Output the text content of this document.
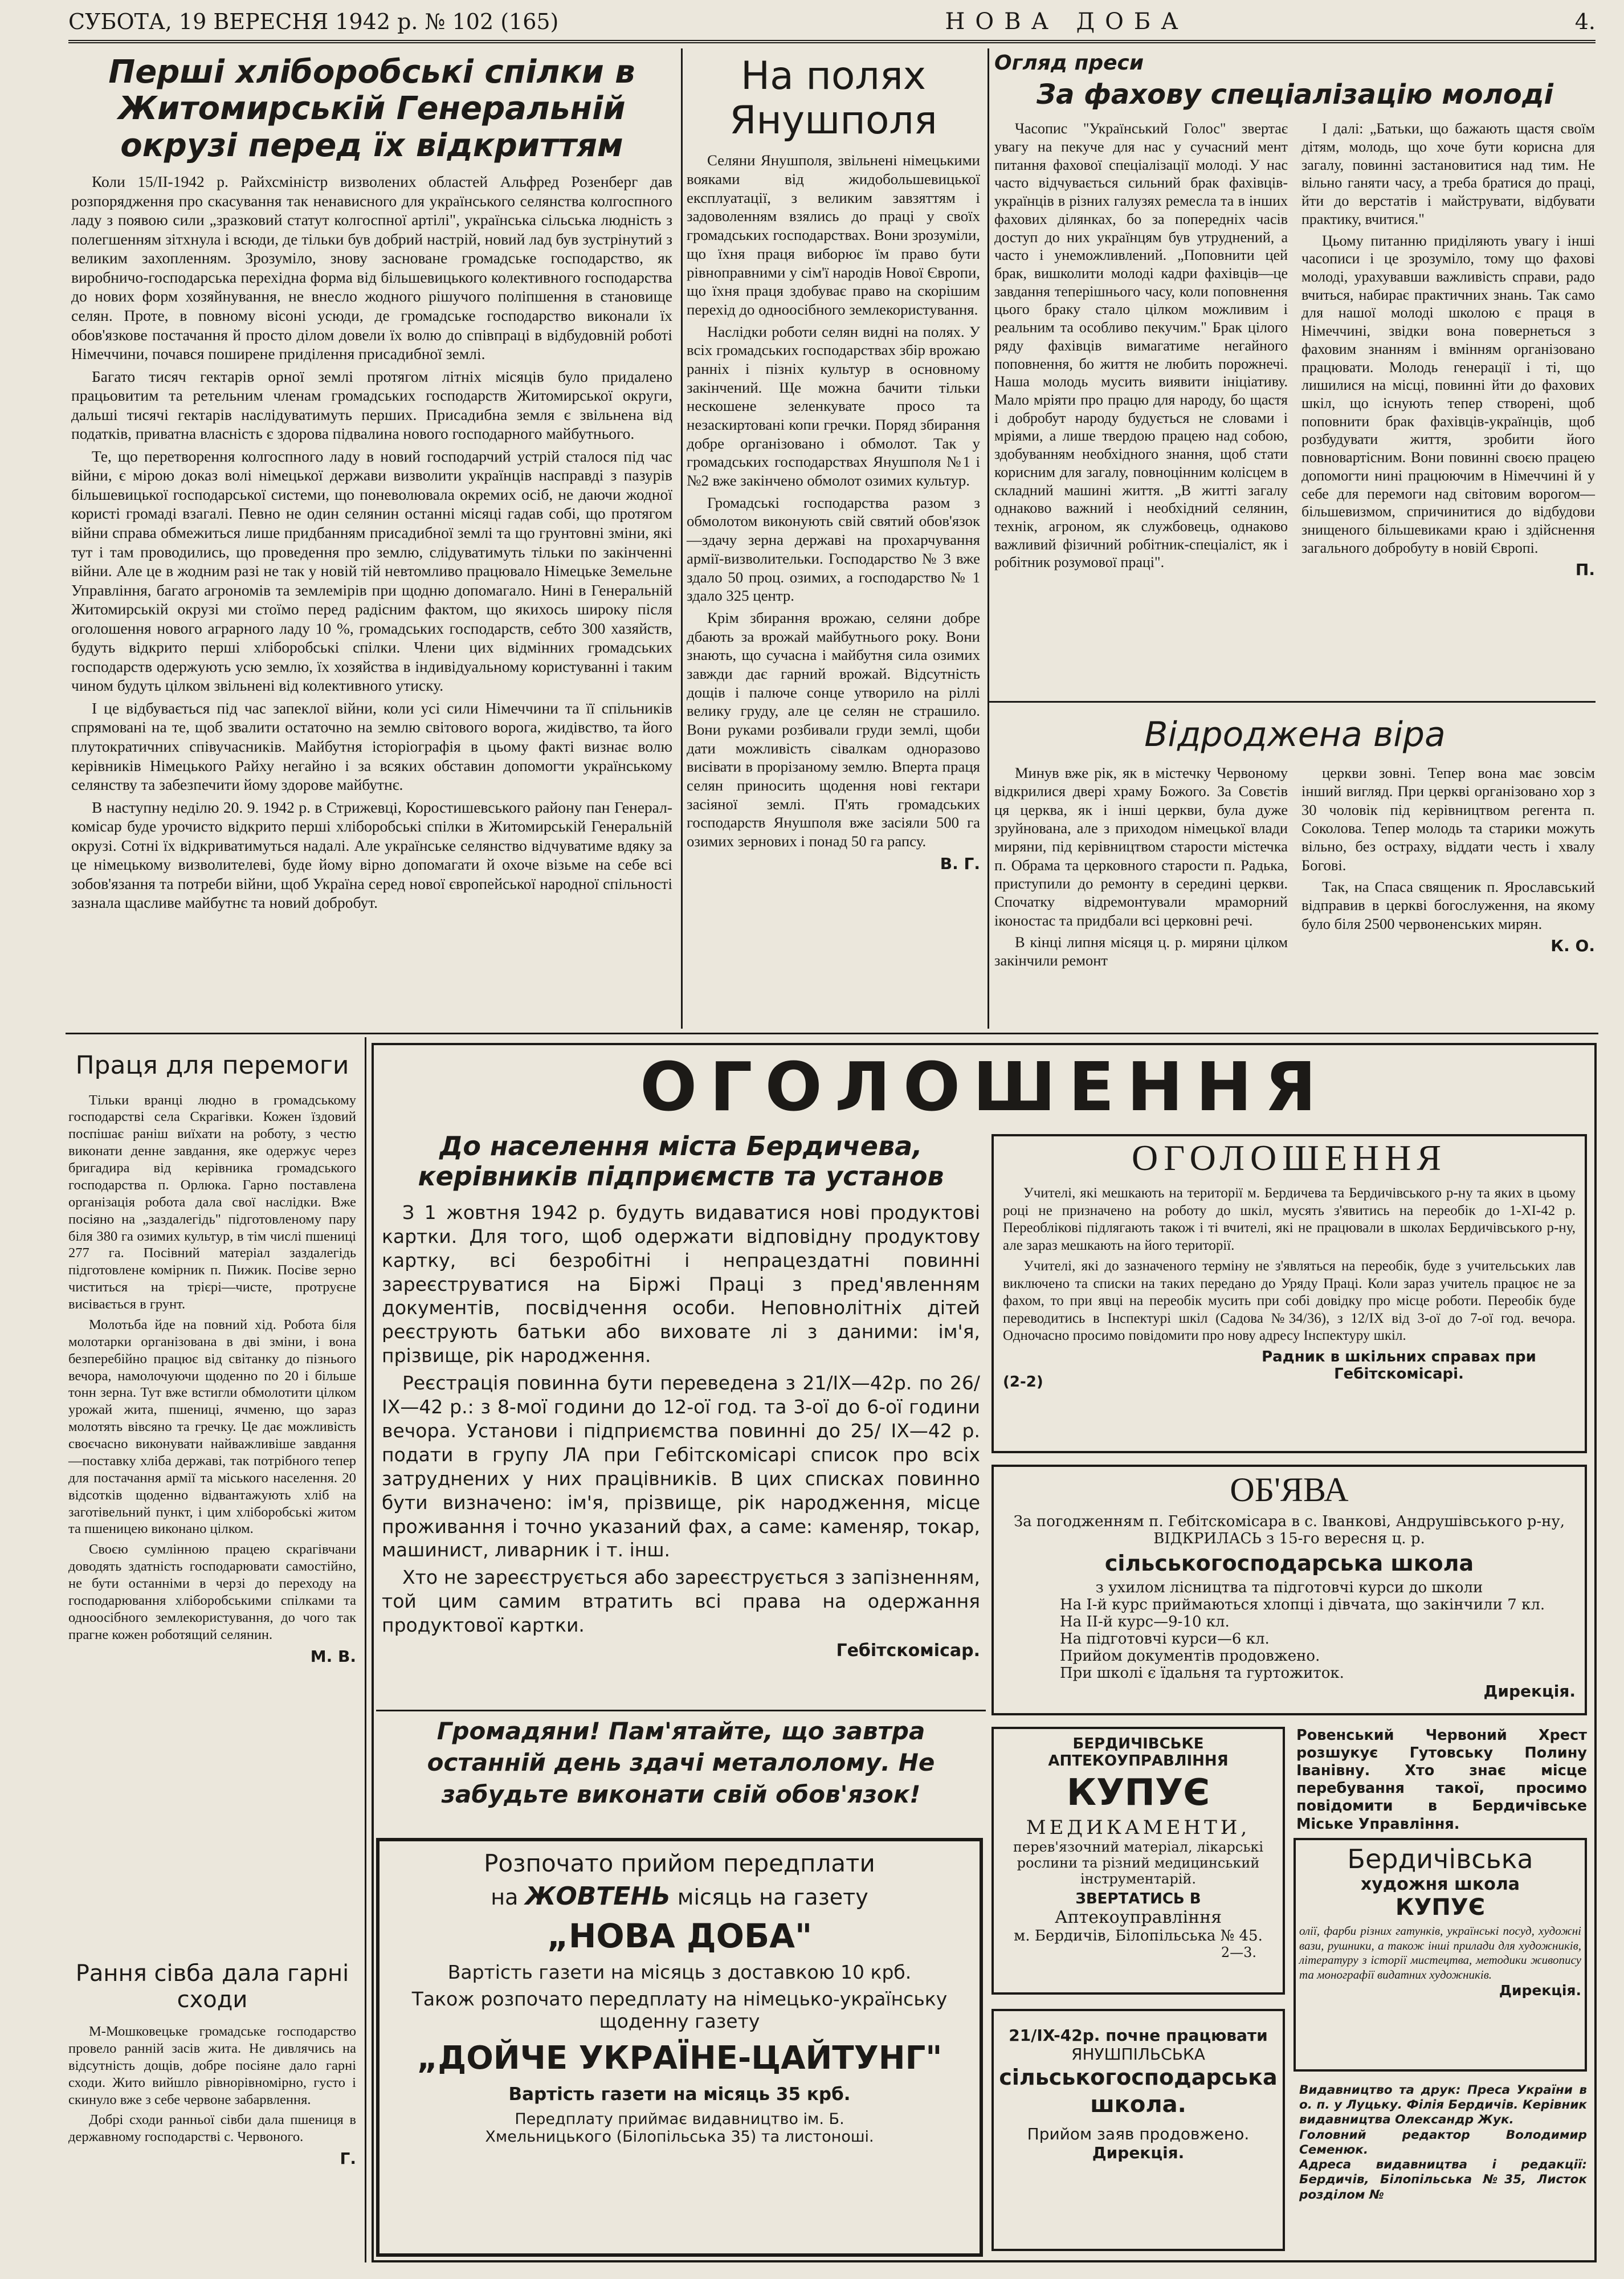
СУБОТА, 19 ВЕРЕСНЯ 1942 р. № 102 (165)	НОВА ДОБА	4.
Перші хліборобські спілки в Житомирській Генеральній окрузі перед їх відкриттям

Коли 15/II-1942 р. Райхсміністр визволених областей Альфред Розенберг дав розпорядження про скасування так ненависного для українського селянства колгоспного ладу з появою сили „зразковий статут колгоспної артілі", українська сільська людність з полегшенням зітхнула і всюди, де тільки був добрий настрій, новий лад був зустрінутий з великим захопленням. Зрозуміло, знову засноване громадське господарство, як виробничо-господарська перехідна форма від більшевицького колективного господарства до нових форм хозяйнування, не внесло жодного рішучого поліпшення в становище селян. Проте, в повному вісоні усюди, де громадське господарство виконали їх обов'язкове постачання й просто ділом довели їх волю до співпраці в відбудовній роботі Німеччини, почався поширене приділення присадибної землі.

Багато тисяч гектарів орної землі протягом літніх місяців було придалено працьовитим та ретельним членам громадських господарств Житомирської округи, дальші тисячі гектарів наслідуватимуть перших. Присадибна земля є звільнена від податків, приватна власність є здорова підвалина нового господарного майбутнього.

Те, що перетворення колгоспного ладу в новий господарчий устрій сталося під час війни, є мірою доказ волі німецької держави визволити українців насправді з пазурів більшевицької господарської системи, що поневолювала окремих осіб, не даючи жодної користі громаді взагалі. Певно не один селянин останні місяці гадав собі, що протягом війни справа обмежиться лише придбанням присадибної землі та що грунтовні зміни, які тут і там проводились, що проведення про землю, слідуватимуть тільки по закінченні війни. Але це в жодним разі не так у новій тій невтомливо працювало Німецьке Земельне Управління, багато агрономів та землемірів при щодню допомагало. Нині в Генеральній Житомирській окрузі ми стоїмо перед радісним фактом, що якихось широку після оголошення нового аграрного ладу 10 %, громадських господарств, себто 300 хазяйств, будуть відкрито перші хліборобські спілки. Члени цих відмінних громадських господарств одержують усю землю, їх хозяйства в індивідуальному користуванні і таким чином будуть цілком звільнені від колективного утиску.

І це відбувається під час запеклої війни, коли усі сили Німеччини та її спільників спрямовані на те, щоб звалити остаточно на землю світового ворога, жидівство, та його плутократичних співучасників. Майбутня історіографія в цьому факті визнає волю керівників Німецького Райху негайно і за всяких обставин допомогти українському селянству та забезпечити йому здорове майбутнє.

В наступну неділю 20. 9. 1942 р. в Стрижевці, Коростишевського району пан Генерал-комісар буде урочисто відкрито перші хліборобські спілки в Житомирській Генеральній окрузі. Сотні їх відкриватимуться надалі. Але українське селянство відчуватиме вдяку за це німецькому визволителеві, буде йому вірно допомагати й охоче візьме на себе всі зобов'язання та потреби війни, щоб Україна серед нової європейської народної спільності зазнала щасливе майбутнє та новий добробут.

На полях Янушполя

Селяни Янушполя, звільнені німецькими вояками від жидобольшевицької експлуатації, з великим завзяттям і задоволенням взялись до праці у своїх громадських господарствах. Вони зрозуміли, що їхня праця виборює їм право бути рівноправними у сім'ї народів Нової Європи, що їхня праця здобуває право на скорішим перехід до одноосібного землекористування.

Наслідки роботи селян видні на полях. У всіх громадських господарствах збір врожаю ранніх і пізніх культур в основному закінчений. Ще можна бачити тільки нескошене зеленкувате просо та незаскиртовані копи гречки. Поряд збирання добре організовано і обмолот. Так у громадських господарствах Янушполя №1 і №2 вже закінчено обмолот озимих культур.

Громадські господарства разом з обмолотом виконують свій святий обов'язок—здачу зерна державі на прохарчування армії-визволительки. Господарство № 3 вже здало 50 проц. озимих, а господарство № 1 здало 325 центр.

Крім збирання врожаю, селяни добре дбають за врожай майбутнього року. Вони знають, що сучасна і майбутня сила озимих завжди дає гарний врожай. Відсутність дощів і палюче сонце утворило на ріллі велику груду, але це селян не страшило. Вони руками розбивали груди землі, щоби дати можливість сівалкам одноразово висівати в прорізаному землю. Вперта праця селян приносить щодення нові гектари засіяної землі. П'ять громадських господарств Янушполя вже засіяли 500 га озимих зернових і понад 50 га рапсу.

В. Г.
Огляд преси
За фахову спеціалізацію молоді

Часопис "Український Голос" звертає увагу на пекуче для нас у сучасний мент питання фахової спеціалізації молоді. У нас часто відчувається сильний брак фахівців-українців в різних галузях ремесла та в інших фахових ділянках, бо за попередніх часів доступ до них українцям був утруднений, а часто і унеможливлений. „Поповнити цей брак, вишколити молоді кадри фахівців—це завдання теперішнього часу, коли поповнення цього браку стало цілком можливим і реальним та особливо пекучим." Брак цілого ряду фахівців вимагатиме негайного поповнення, бо життя не любить порожнечі. Наша молодь мусить виявити ініціативу. Мало мріяти про працю для народу, бо щастя і добробут народу будується не словами і мріями, а лише твердою працею над собою, здобуванням необхідного знання, щоб стати корисним для загалу, повноцінним колісцем в складний машині життя. „В житті загалу однаково важний і необхідний селянин, технік, агроном, як службовець, однаково важливий фізичний робітник-спеціаліст, як і робітник розумової праці".

І далі: „Батьки, що бажають щастя своїм дітям, молодь, що хоче бути корисна для загалу, повинні застановитися над тим. Не вільно ганяти часу, а треба братися до праці, йти до верстатів і майструвати, відбувати практику, вчитися."

Цьому питанню приділяють увагу і інші часописи і це зрозуміло, тому що фахові молоді, урахувавши важливість справи, радо вчиться, набирає практичних знань. Так само для нашої молоді школою є праця в Німеччині, звідки вона повернеться з фаховим знанням і вмінням організовано працювати. Молодь генерації і ті, що лишилися на місці, повинні йти до фахових шкіл, що існують тепер створені, щоб поповнити брак фахівців-українців, щоб розбудувати життя, зробити його повновартісним. Вони повинні своєю працею допомогти нині працюючим в Німеччині й у себе для перемоги над світовим ворогом—більшевизмом, спричинитися до відбудови знищеного більшевиками краю і здійснення загального добробуту в новій Європі.

П.
Відроджена віра

Минув вже рік, як в містечку Червоному відкрилися двері храму Божого. За Совєтів ця церква, як і інші церкви, була дуже зруйнована, але з приходом німецької влади миряни, під керівництвом старости містечка п. Обрама та церковного старости п. Радька, приступили до ремонту в середині церкви. Спочатку відремонтували мраморний іконостас та придбали всі церковні речі.

В кінці липня місяця ц. р. миряни цілком закінчили ремонт

церкви зовні. Тепер вона має зовсім інший вигляд. При церкві організовано хор з 30 чоловік під керівництвом регента п. Соколова. Тепер молодь та старики можуть вільно, без остраху, віддати честь і хвалу Богові.

Так, на Спаса священик п. Ярославський відправив в церкві богослуження, на якому було біля 2500 червоненських мирян.

К. О.
Праця для перемоги

Тільки вранці людно в громадському господарстві села Скрагівки. Кожен їздовий поспішає раніш виїхати на роботу, з честю виконати денне завдання, яке одержує через бригадира від керівника громадського господарства п. Орлюка. Гарно поставлена організація робота дала свої наслідки. Вже посіяно на „заздалегідь" підготовленому пару біля 380 га озимих культур, в тім числі пшениці 277 га. Посівний матеріал заздалегідь підготовлене комірник п. Пижик. Посіве зерно чиститься на трієрі—чисте, протруєне висівається в грунт.

Молотьба йде на повний хід. Робота біля молотарки організована в дві зміни, і вона безперебійно працює від світанку до пізнього вечора, намолочуючи щоденно по 20 і більше тонн зерна. Тут вже встигли обмолотити цілком урожай жита, пшениці, ячменю, що зараз молотять вівсяно та гречку. Це дає можливість своєчасно виконувати найважливіше завдання—поставку хліба державі, так потрібного тепер для постачання армії та міського населення. 20 відсотків щоденно відвантажують хліб на заготівельний пункт, і цим хліборобські житом та пшеницею виконано цілком.

Своєю сумлінною працею скрагівчани доводять здатність господарювати самостійно, не бути останніми в черзі до переходу на господарювання хліборобськими спілками та одноосібного землекористування, до чого так прагне кожен роботящий селянин.

М. В.
Рання сівба дала гарні сходи

М-Мошковецьке громадське господарство провело ранній засів жита. Не дивлячись на відсутність дощів, добре посіяне дало гарні сходи. Жито вийшло рівнорівномірно, густо і скинуло вже з себе червоне забарвлення.

Добрі сходи ранньої сівби дала пшениця в державному господарстві с. Червоного.

Г.
ОГОЛОШЕННЯ
До населення міста Бердичева, керівників підприємств та установ

З 1 жовтня 1942 р. будуть видаватися нові продуктові картки. Для того, щоб одержати відповідну продуктову картку, всі безробітні і непрацездатні повинні зареєструватися на Біржі Праці з пред'явленням документів, посвідчення особи. Неповнолітніх дітей реєструють батьки або виховате лі з даними: ім'я, прізвище, рік народження.

Реєстрація повинна бути переведена з 21/IX—42р. по 26/ IX—42 р.: з 8-мої години до 12-ої год. та 3-ої до 6-ої години вечора. Установи і підприємства повинні до 25/ IX—42 р. подати в групу ЛА при Гебітскомісарі список про всіх затруднених у них працівників. В цих списках повинно бути визначено: ім'я, прізвище, рік народження, місце проживання і точно указаний фах, а саме: каменяр, токар, машинист, ливарник і т. інш.

Хто не зареєструється або зареєструється з запізненням, той цим самим втратить всі права на одержання продуктової картки.

Гебітскомісар.
Громадяни! Пам'ятайте, що завтра останній день здачі металолому. Не забудьте виконати свій обов'язок!
Розпочато прийом передплати
на ЖОВТЕНЬ місяць на газету
„НОВА ДОБА"
Вартість газети на місяць з доставкою 10 крб.
Також розпочато передплату на німецько-українську щоденну газету
„ДОЙЧЕ УКРАЇНЕ-ЦАЙТУНГ"
Вартість газети на місяць 35 крб.
Передплату приймає видавництво ім. Б. Хмельницького (Білопільська 35) та листоноші.
ОГОЛОШЕННЯ

Учителі, які мешкають на території м. Бердичева та Бердичівського р-ну та яких в цьому році не призначено на роботу до шкіл, мусять з'явитись на переобік до 1-ХІ-42 р. Переобліковi підлягають також і ті вчителі, які не працювали в школах Бердичівського р-ну, але зараз мешкають на його території.

Учителі, які до зазначеного терміну не з'являться на переобік, буде з учительських лав виключено та списки на таких передано до Уряду Праці. Коли зараз учитель працює не за фахом, то при явці на переобік мусить при собі довідку про місце роботи. Переобік буде переводитись в Інспектурі шкіл (Садова №34/36), з 12/IX від 3-ої до 7-ої год. вечора. Одночасно просимо повідомити про нову адресу Інспектуру шкіл.

(2-2)
Радник в шкільних справах при Гебітскомісарі.
ОБ'ЯВА
За погодженням п. Гебітскомісара в с. Іванкові, Андрушівського р-ну, ВІДКРИЛАСЬ з 15-го вересня ц. р.
сільськогосподарська школа
з ухилом лісництва та підготовчі курси до школи
На І-й курс приймаються хлопці і дівчата, що закінчили 7 кл.
На ІІ-й курс—9-10 кл.
На підготовчі курси—6 кл.
Прийом документів продовжено.
При школі є їдальня та гуртожиток.
Дирекція.
БЕРДИЧІВСЬКЕ АПТЕКОУПРАВЛІННЯ
КУПУЄ
МЕДИКАМЕНТИ,
перев'язочний матеріал, лікарські рослини та різний медицинський інструментарій.
ЗВЕРТАТИСЬ В
Аптекоуправління
м. Бердичів, Білопільська № 45.
2—3.
21/IX-42р. почне працювати
ЯНУШПІЛЬСЬКА
сільськогосподарська
школа.
Прийом заяв продовжено.
Дирекція.
Ровенський Червоний Хрест розшукує Гутовську Полину Іванівну. Хто знає місце перебування такої, просимо повідомити в Бердичівське Міське Управління.
Бердичівська
художня школа
КУПУЄ
олії, фарби різних гатунків, українські посуд, художні вази, рушники, а також інші прилади для художників, літературу з історії мистецтва, методики живопису та монографії видатних художників.
Дирекція.
Видавництво та друк: Преса України в о. п. у Луцьку. Філія Бердичів. Керівник видавництва Олександр Жук.
Головний редактор Володимир Семенюк.
Адреса видавництва і редакції: Бердичів, Білопільська №35, Листок розділом №
